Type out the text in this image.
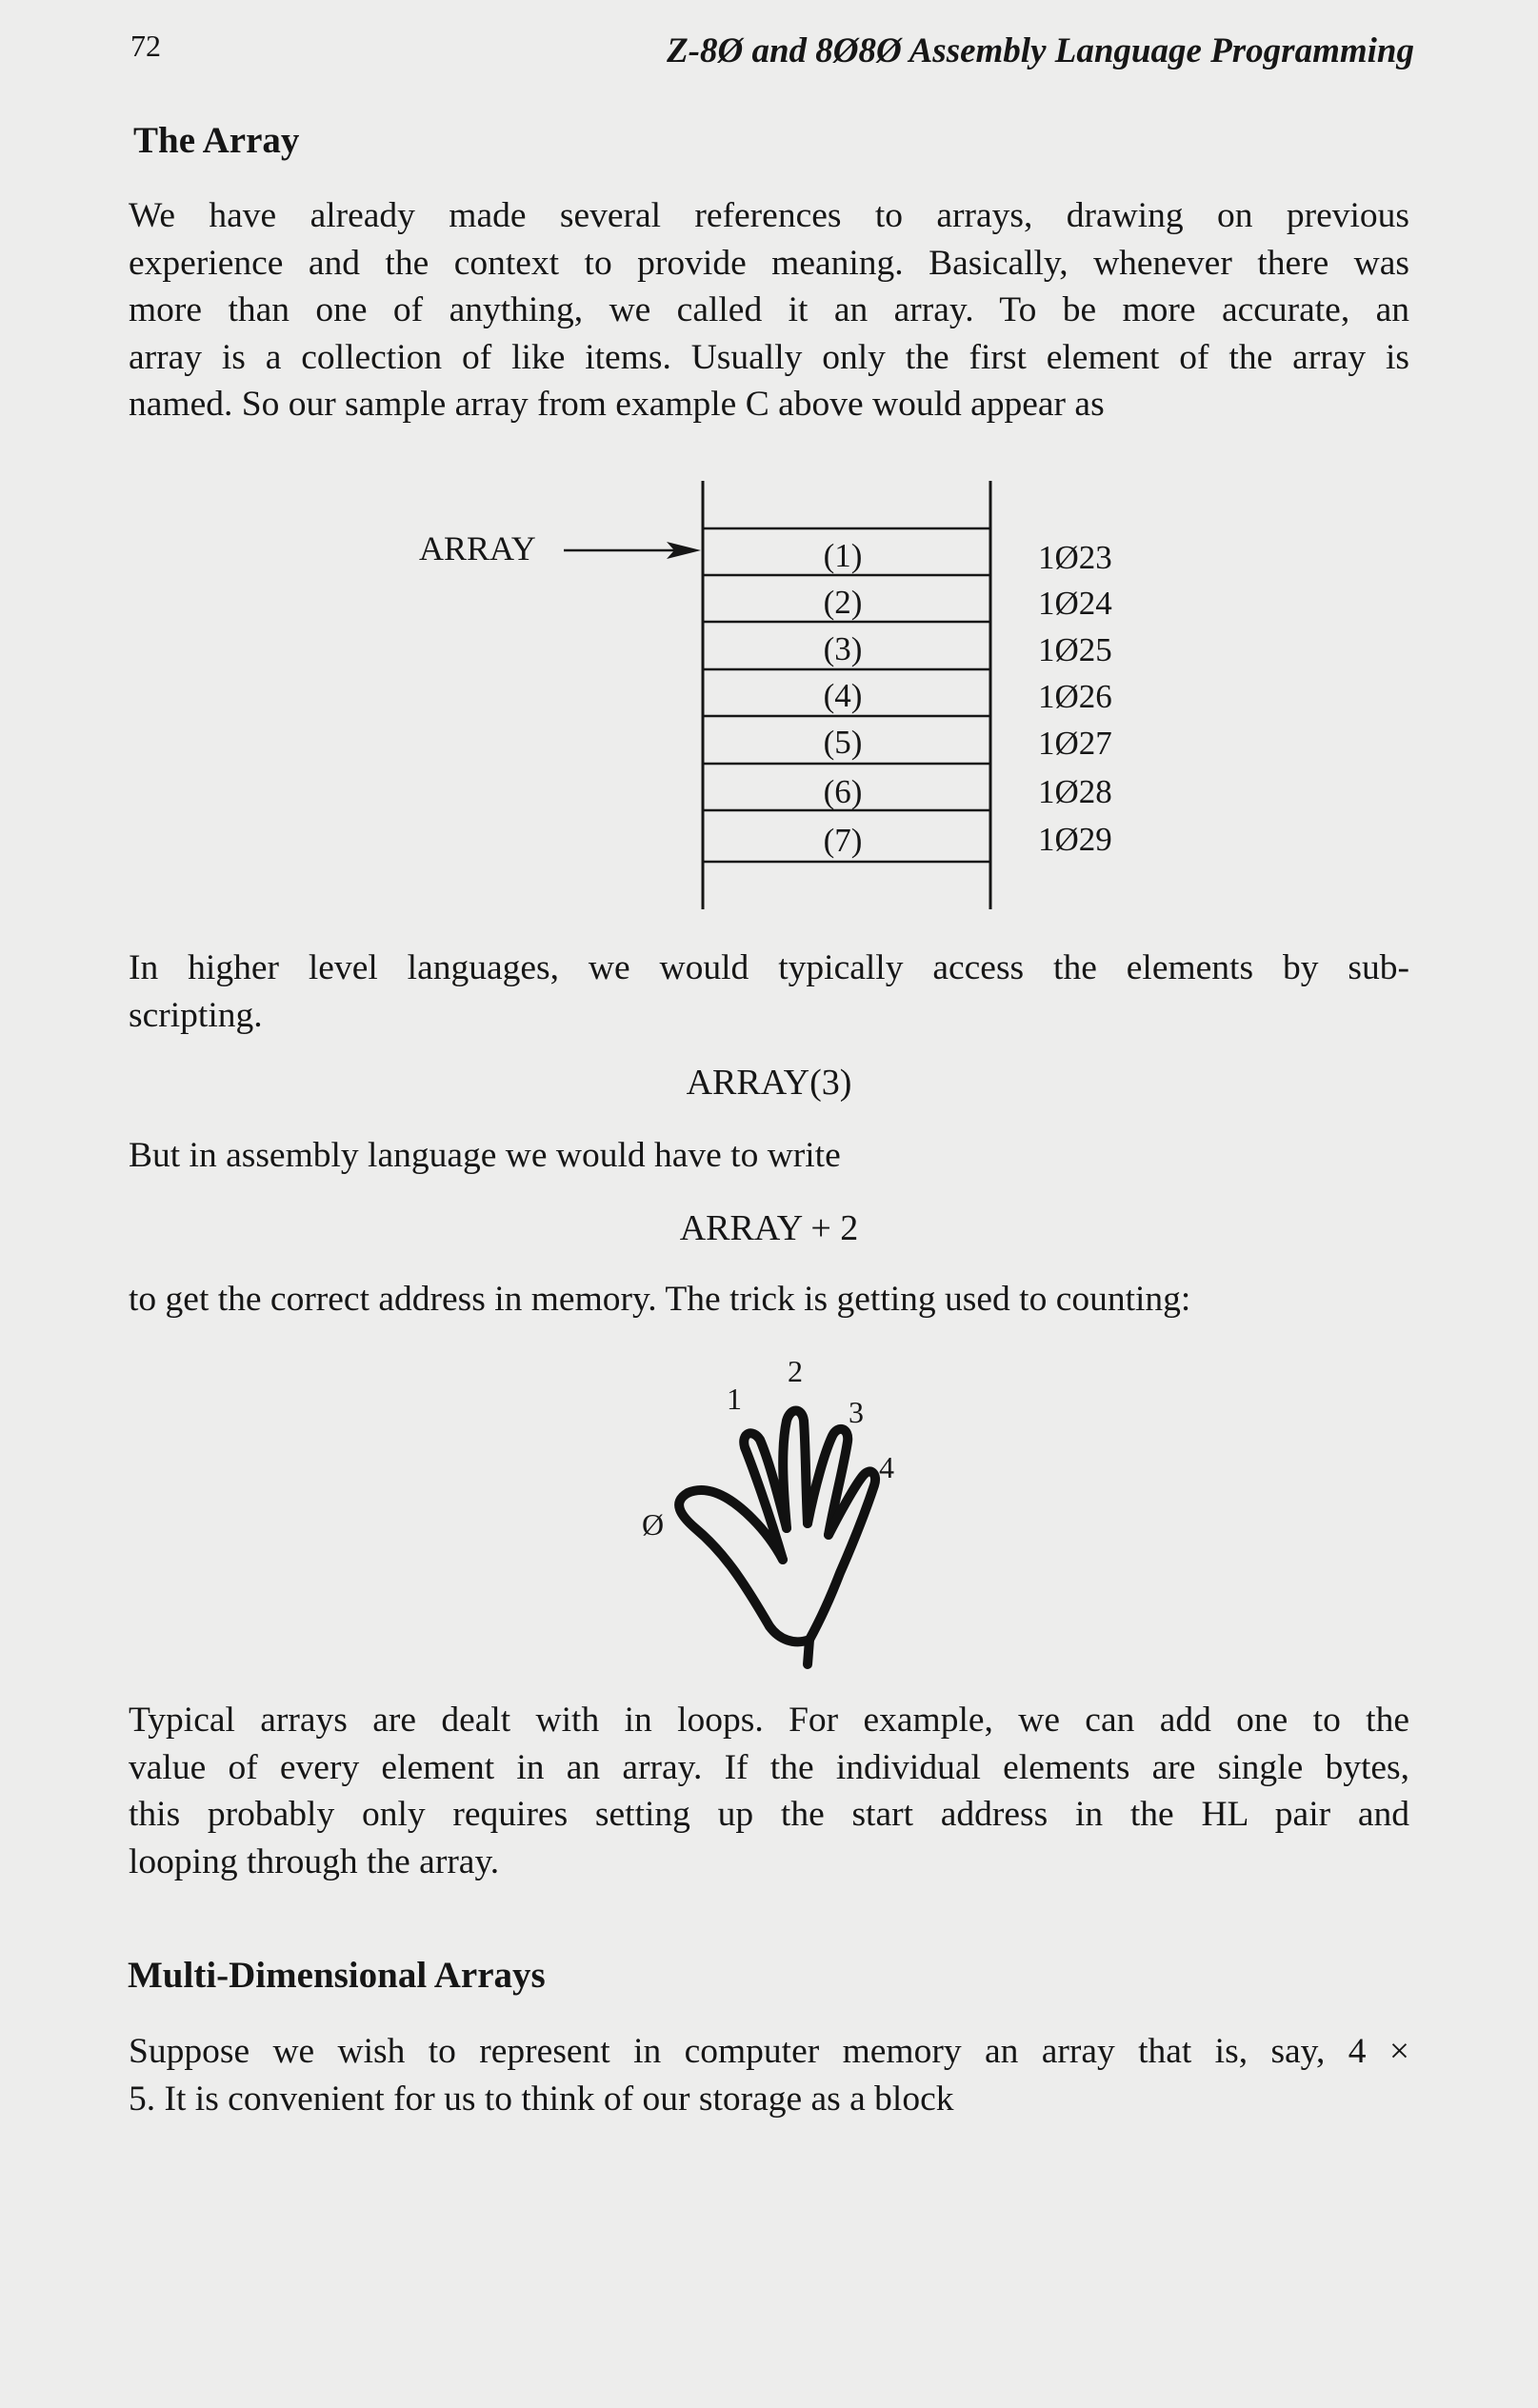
72	Z-8Ø and 8Ø8Ø Assembly Language Programming
The Array
We have already made several references to arrays, drawing on previous
experience and the context to provide meaning. Basically, whenever there was
more than one of anything, we called it an array. To be more accurate, an
array is a collection of like items. Usually only the first element of the array is
named. So our sample array from example C above would appear as
ARRAY	(1)
(2)
(3)
(4)
(5)
(6)
(7)
1Ø23
1Ø24
1Ø25
1Ø26
1Ø27
1Ø28
1Ø29
In higher level languages, we would typically access the elements by sub-
scripting.
ARRAY(3)
But in assembly language we would have to write
ARRAY + 2
to get the correct address in memory. The trick is getting used to counting:
Ø
1
2
3
4
Typical arrays are dealt with in loops. For example, we can add one to the
value of every element in an array. If the individual elements are single bytes,
this probably only requires setting up the start address in the HL pair and
looping through the array.
Multi-Dimensional Arrays
Suppose we wish to represent in computer memory an array that is, say, 4 ×
5. It is convenient for us to think of our storage as a block
